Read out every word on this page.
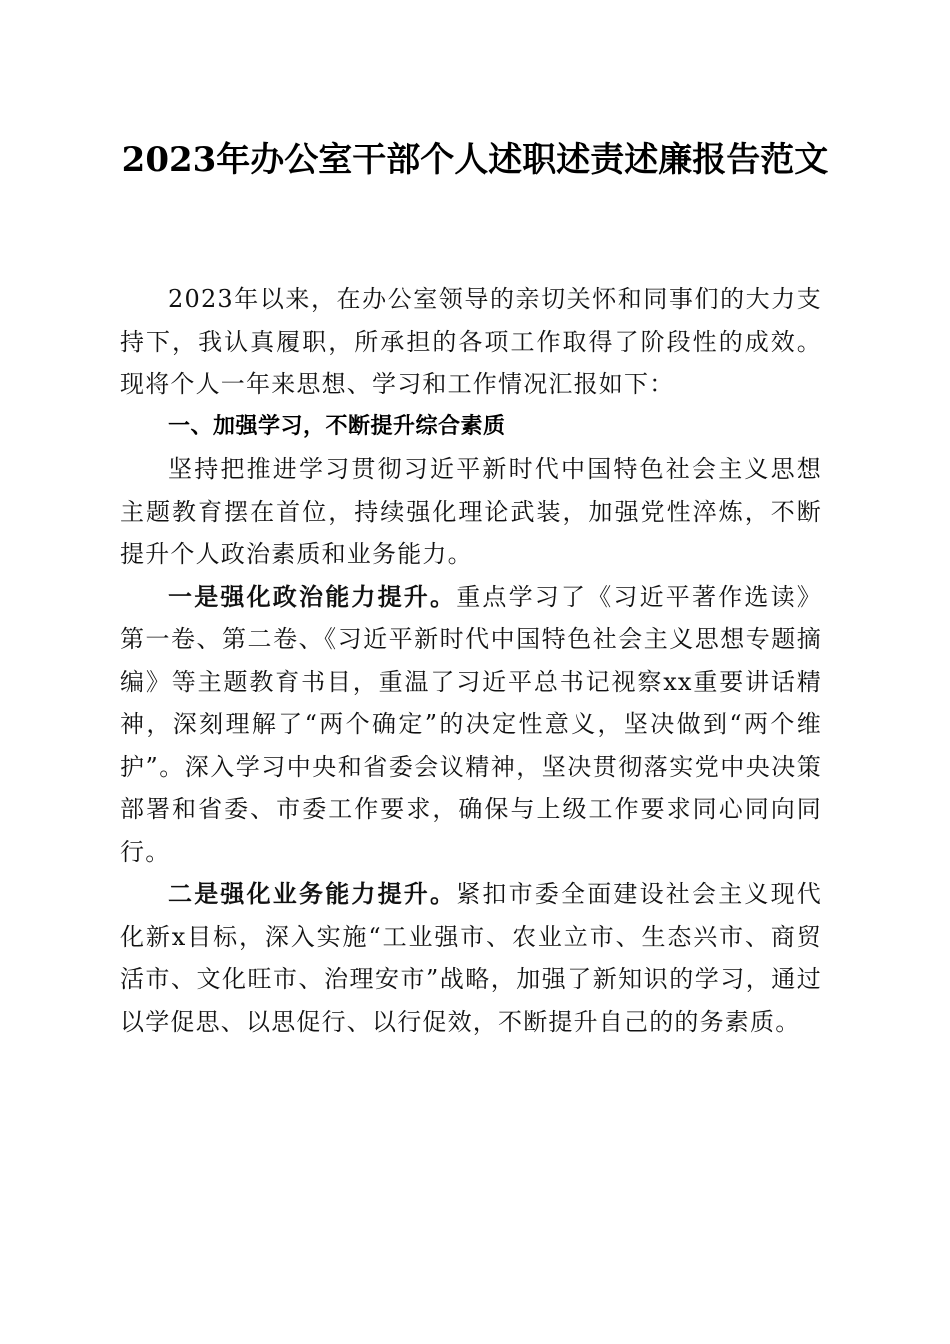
2023年办公室干部个人述职述责述廉报告范文

2023年以来，在办公室领导的亲切关怀和同事们的大力支持下，我认真履职，所承担的各项工作取得了阶段性的成效。现将个人一年来思想、学习和工作情况汇报如下：

一、加强学习，不断提升综合素质

坚持把推进学习贯彻习近平新时代中国特色社会主义思想主题教育摆在首位，持续强化理论武装，加强党性淬炼，不断提升个人政治素质和业务能力。

一是强化政治能力提升。重点学习了《习近平著作选读》第一卷、第二卷、《习近平新时代中国特色社会主义思想专题摘编》等主题教育书目，重温了习近平总书记视察xx重要讲话精神，深刻理解了“两个确定”的决定性意义，坚决做到“两个维护”。深入学习中央和省委会议精神，坚决贯彻落实党中央决策部署和省委、市委工作要求，确保与上级工作要求同心同向同行。

二是强化业务能力提升。紧扣市委全面建设社会主义现代化新x目标，深入实施“工业强市、农业立市、生态兴市、商贸活市、文化旺市、治理安市”战略，加强了新知识的学习，通过以学促思、以思促行、以行促效，不断提升自己的的务素质。
